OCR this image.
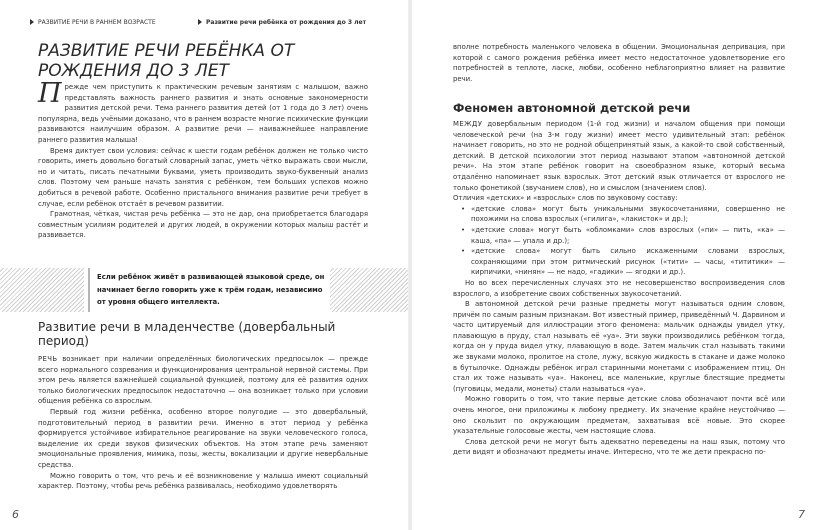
РАЗВИТИЕ РЕЧИ В РАННЕМ ВОЗРАСТЕ	Развитие речи ребёнка от рождения до 3 лет
РАЗВИТИЕ РЕЧИ РЕБЁНКА ОТ РОЖДЕНИЯ ДО 3 ЛЕТ

Прежде чем приступить к практическим речевым занятиям с малышом, важно представлять важность раннего развития и знать основные закономерности развития детской речи. Тема раннего развития детей (от 1 года до 3 лет) очень популярна, ведь учёными доказано, что в раннем возрасте многие психические функции развиваются наилучшим образом. А развитие речи — наиважнейшее направление раннего развития малыша!

Время диктует свои условия: сейчас к шести годам ребёнок должен не только чисто говорить, иметь довольно богатый словарный запас, уметь чётко выражать свои мысли, но и читать, писать печатными буквами, уметь производить звуко-буквенный анализ слов. Поэтому чем раньше начать занятия с ребёнком, тем больших успехов можно добиться в речевой работе. Особенно пристального внимания развитие речи требует в случае, если ребёнок отстаёт в речевом развитии.

Грамотная, чёткая, чистая речь ребёнка — это не дар, она приобретается благодаря совместным усилиям родителей и других людей, в окружении которых малыш растёт и развивается.

Если ребёнок живёт в развивающей языковой среде, он начинает бегло говорить уже к трём годам, независимо от уровня общего интеллекта.
Развитие речи в младенчестве (довербальный период)

РЕЧЬ возникает при наличии определённых биологических предпосылок — прежде всего нормального созревания и функционирования центральной нервной системы. При этом речь является важнейшей социальной функцией, поэтому для её развития одних только биологических предпосылок недостаточно — она возникает только при условии общения ребёнка со взрослым.

Первый год жизни ребёнка, особенно второе полугодие — это довербальный, подготовительный период в развитии речи. Именно в этот период у ребёнка формируется устойчивое избирательное реагирование на звуки человеческого голоса, выделение их среди звуков физических объектов. На этом этапе речь заменяют эмоциональные проявления, мимика, позы, жесты, вокализации и другие невербальные средства.

Можно говорить о том, что речь и её возникновение у малыша имеют социальный характер. Поэтому, чтобы речь ребёнка развивалась, необходимо удовлетворять

6

вполне потребность маленького человека в общении. Эмоциональная депривация, при которой с самого рождения ребёнка имеет место недостаточное удовлетворение его потребностей в теплоте, ласке, любви, особенно неблагоприятно влияет на развитие речи.

Феномен автономной детской речи

МЕЖДУ довербальным периодом (1-й год жизни) и началом общения при помощи человеческой речи (на 3-м году жизни) имеет место удивительный этап: ребёнок начинает говорить, но это не родной общепринятый язык, а какой-то свой собственный, детский. В детской психологии этот период называют этапом «автономной детской речи». На этом этапе ребёнок говорит на своеобразном языке, который весьма отдалённо напоминает язык взрослых. Этот детский язык отличается от взрослого не только фонетикой (звучанием слов), но и смыслом (значением слов).

Отличия «детских» и «взрослых» слов по звуковому составу:

• «детские слова» могут быть уникальными звукосочетаниями, совершенно не похожими на слова взрослых («гилига», «лакисток» и др.);
• «детские слова» могут быть «обломками» слов взрослых («пи» — пить, «ка» — каша, «па» — упала и др.);
• «детские слова» могут быть сильно искаженными словами взрослых, сохраняющими при этом ритмический рисунок («тити» — часы, «тититики» — кирпичики, «нинян» — не надо, «гадики» — ягодки и др.).

Но во всех перечисленных случаях это не несовершенство воспроизведения слов взрослого, а изобретение своих собственных звукосочетаний.

В автономной детской речи разные предметы могут называться одним словом, причём по самым разным признакам. Вот известный пример, приведённый Ч. Дарвином и часто цитируемый для иллюстрации этого феномена: мальчик однажды увидел утку, плавающую в пруду, стал называть её «уа». Эти звуки производились ребёнком тогда, когда он у пруда видел утку, плавающую в воде. Затем мальчик стал называть такими же звуками молоко, пролитое на столе, лужу, всякую жидкость в стакане и даже молоко в бутылочке. Однажды ребёнок играл старинными монетами с изображением птиц. Он стал их тоже называть «уа». Наконец, все маленькие, круглые блестящие предметы (пуговицы, медали, монеты) стали называться «уа».

Можно говорить о том, что такие первые детские слова обозначают почти всё или очень многое, они приложимы к любому предмету. Их значение крайне неустойчиво — оно скользит по окружающим предметам, захватывая всё новые. Это скорее указательные голосовые жесты, чем настоящие слова.

Слова детской речи не могут быть адекватно переведены на наш язык, потому что дети видят и обозначают предметы иначе. Интересно, что те же дети прекрасно по-

7
